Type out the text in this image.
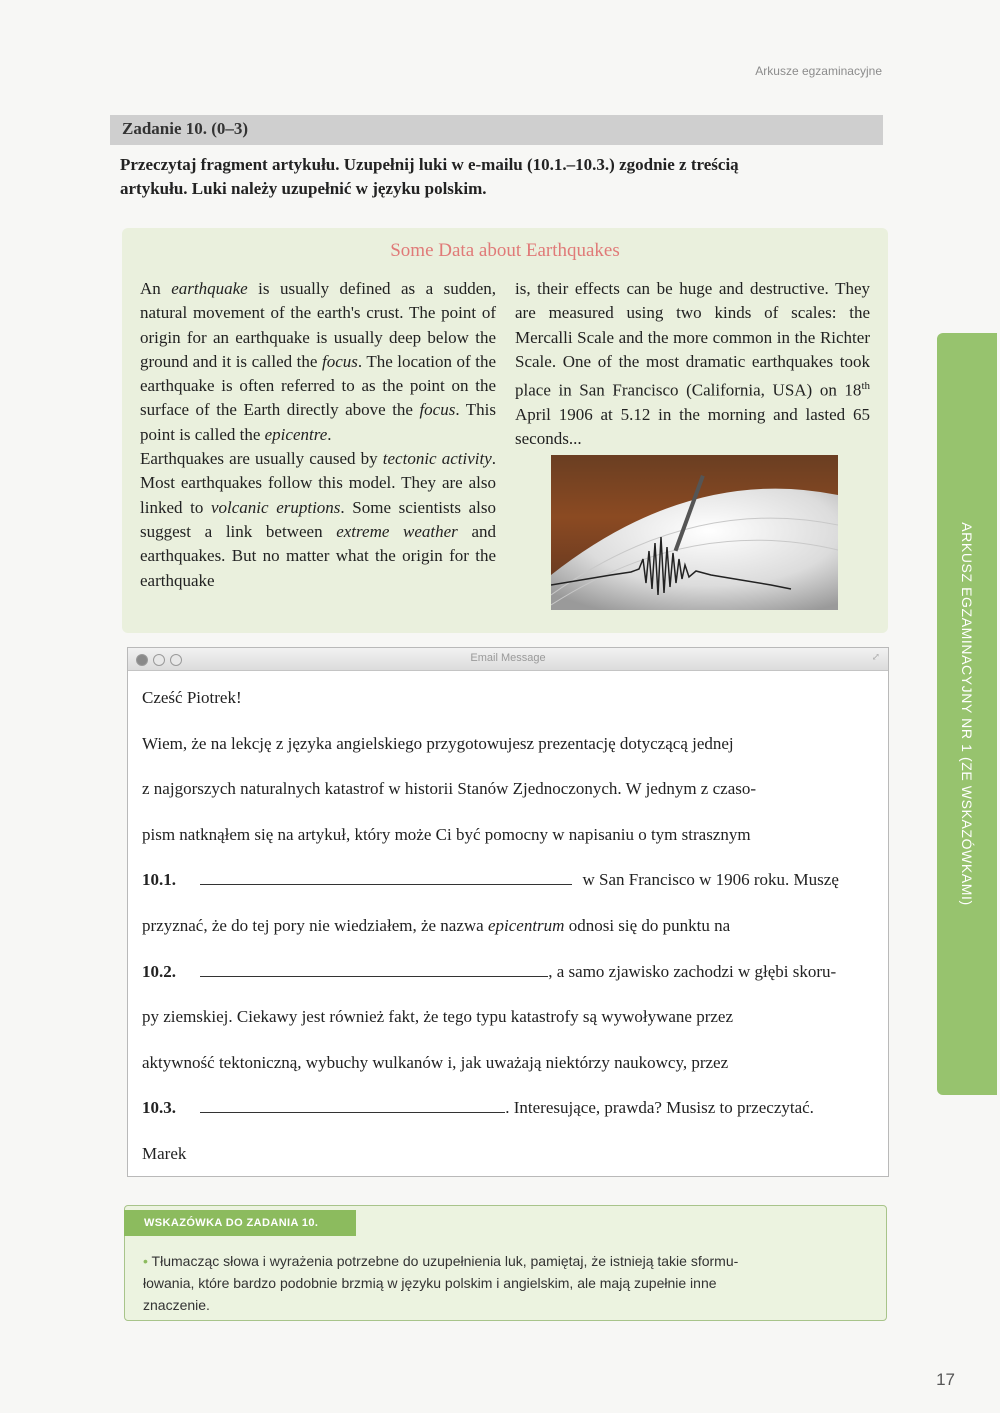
Arkusze egzaminacyjne
Zadanie 10. (0–3)
Przeczytaj fragment artykułu. Uzupełnij luki w e-mailu (10.1.–10.3.) zgodnie z treścią
artykułu. Luki należy uzupełnić w języku polskim.
Some Data about Earthquakes

An earthquake is usually defined as a sudden, natural movement of the earth's crust. The point of origin for an earthquake is usually deep below the ground and it is called the focus. The location of the earthquake is often referred to as the point on the surface of the Earth directly above the focus. This point is called the epicentre.

Earthquakes are usually caused by tectonic activity. Most earthquakes follow this model. They are also linked to volcanic eruptions. Some scientists also suggest a link between extreme weather and earthquakes. But no matter what the origin for the earthquake

is, their effects can be huge and destructive. They are measured using two kinds of scales: the Mercalli Scale and the more common in the Richter Scale. One of the most dramatic earthquakes took place in San Francisco (California, USA) on 18th April 1906 at 5.12 in the morning and lasted 65 seconds...

Email Message	⤢
Cześć Piotrek!
Wiem, że na lekcję z języka angielskiego przygotowujesz prezentację dotyczącą jednej
z najgorszych naturalnych katastrof w historii Stanów Zjednoczonych. W jednym z czaso-
pism natknąłem się na artykuł, który może Ci być pomocny w napisaniu o tym strasznym
10.1.	w San Francisco w 1906 roku. Muszę
przyznać, że do tej pory nie wiedziałem, że nazwa epicentrum odnosi się do punktu na
10.2.	, a samo zjawisko zachodzi w głębi skoru-
py ziemskiej. Ciekawy jest również fakt, że tego typu katastrofy są wywoływane przez
aktywność tektoniczną, wybuchy wulkanów i, jak uważają niektórzy naukowcy, przez
10.3.	. Interesujące, prawda? Musisz to przeczytać.
Marek
WSKAZÓWKA DO ZADANIA 10.
• Tłumacząc słowa i wyrażenia potrzebne do uzupełnienia luk, pamiętaj, że istnieją takie sformu-
łowania, które bardzo podobnie brzmią w języku polskim i angielskim, ale mają zupełnie inne
znaczenie.
ARKUSZ EGZAMINACYJNY NR 1 (ZE WSKAZÓWKAMI)
17
